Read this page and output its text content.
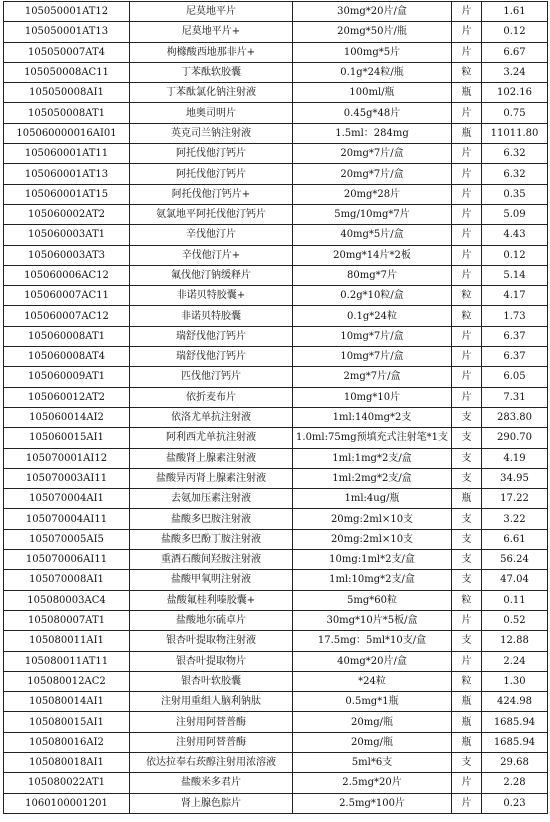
105050001AT12	尼莫地平片	30mg*20片/盒	片	1.61
105050001AT13	尼莫地平片+	20mg*50片/瓶	片	0.12
105050007AT4	枸橼酸西地那非片+	100mg*5片	片	6.67
105050008AC11	丁苯酞软胶囊	0.1g*24粒/瓶	粒	3.24
105050008AI1	丁苯酞氯化钠注射液	100ml/瓶	瓶	102.16
105050008AT1	地奥司明片	0.45g*48片	片	0.75
105060000016AI01	英克司兰钠注射液	1.5ml：284mg	瓶	11011.80
105060001AT11	阿托伐他汀钙片	20mg*7片/盒	片	6.32
105060001AT13	阿托伐他汀钙片	20mg*7片/盒	片	6.32
105060001AT15	阿托伐他汀钙片+	20mg*28片	片	0.35
105060002AT2	氨氯地平阿托伐他汀钙片	5mg/10mg*7片	片	5.09
105060003AT1	辛伐他汀片	40mg*5片/盒	片	4.43
105060003AT3	辛伐他汀片+	20mg*14片*2板	片	0.12
105060006AC12	氟伐他汀钠缓释片	80mg*7片	片	5.14
105060007AC11	非诺贝特胶囊+	0.2g*10粒/盒	粒	4.17
105060007AC12	非诺贝特胶囊	0.1g*24粒	粒	1.73
105060008AT1	瑞舒伐他汀钙片	10mg*7片/盒	片	6.37
105060008AT4	瑞舒伐他汀钙片	10mg*7片/盒	片	6.37
105060009AT1	匹伐他汀钙片	2mg*7片/盒	片	6.05
105060012AT2	依折麦布片	10mg*10片	片	7.31
105060014AI2	依洛尤单抗注射液	1ml:140mg*2支	支	283.80
105060015AI1	阿利西尤单抗注射液	1.0ml:75mg预填充式注射笔*1支	支	290.70
105070001AI12	盐酸肾上腺素注射液	1ml:1mg*2支/盒	支	4.19
105070003AI11	盐酸异丙肾上腺素注射液	1ml:2mg*2支/盒	支	34.95
105070004AI1	去氨加压素注射液	1ml:4ug/瓶	瓶	17.22
105070004AI11	盐酸多巴胺注射液	20mg:2ml×10支	支	3.22
105070005AI5	盐酸多巴酚丁胺注射液	20mg:2ml×10支	支	6.61
105070006AI11	重酒石酸间羟胺注射液	10mg:1ml*2支/盒	支	56.24
105070008AI1	盐酸甲氧明注射液	1ml:10mg*2支/盒	支	47.04
105080003AC4	盐酸氟桂利嗪胶囊+	5mg*60粒	粒	0.11
105080007AT1	盐酸地尔硫卓片	30mg*10片*5板/盒	片	0.52
105080011AI1	银杏叶提取物注射液	17.5mg：5ml*10支/盒	支	12.88
105080011AT11	银杏叶提取物片	40mg*20片/盒	片	2.24
105080012AC2	银杏叶软胶囊	*24粒	粒	1.30
105080014AI1	注射用重组人脑利钠肽	0.5mg*1瓶	瓶	424.98
105080015AI1	注射用阿替普酶	20mg/瓶	瓶	1685.94
105080016AI2	注射用阿替普酶	20mg/瓶	瓶	1685.94
105080018AI1	依达拉奉右莰醇注射用浓溶液	5ml*6支	支	29.68
105080022AT1	盐酸米多君片	2.5mg*20片	片	2.28
1060100001201	肾上腺色腙片	2.5mg*100片	片	0.23
